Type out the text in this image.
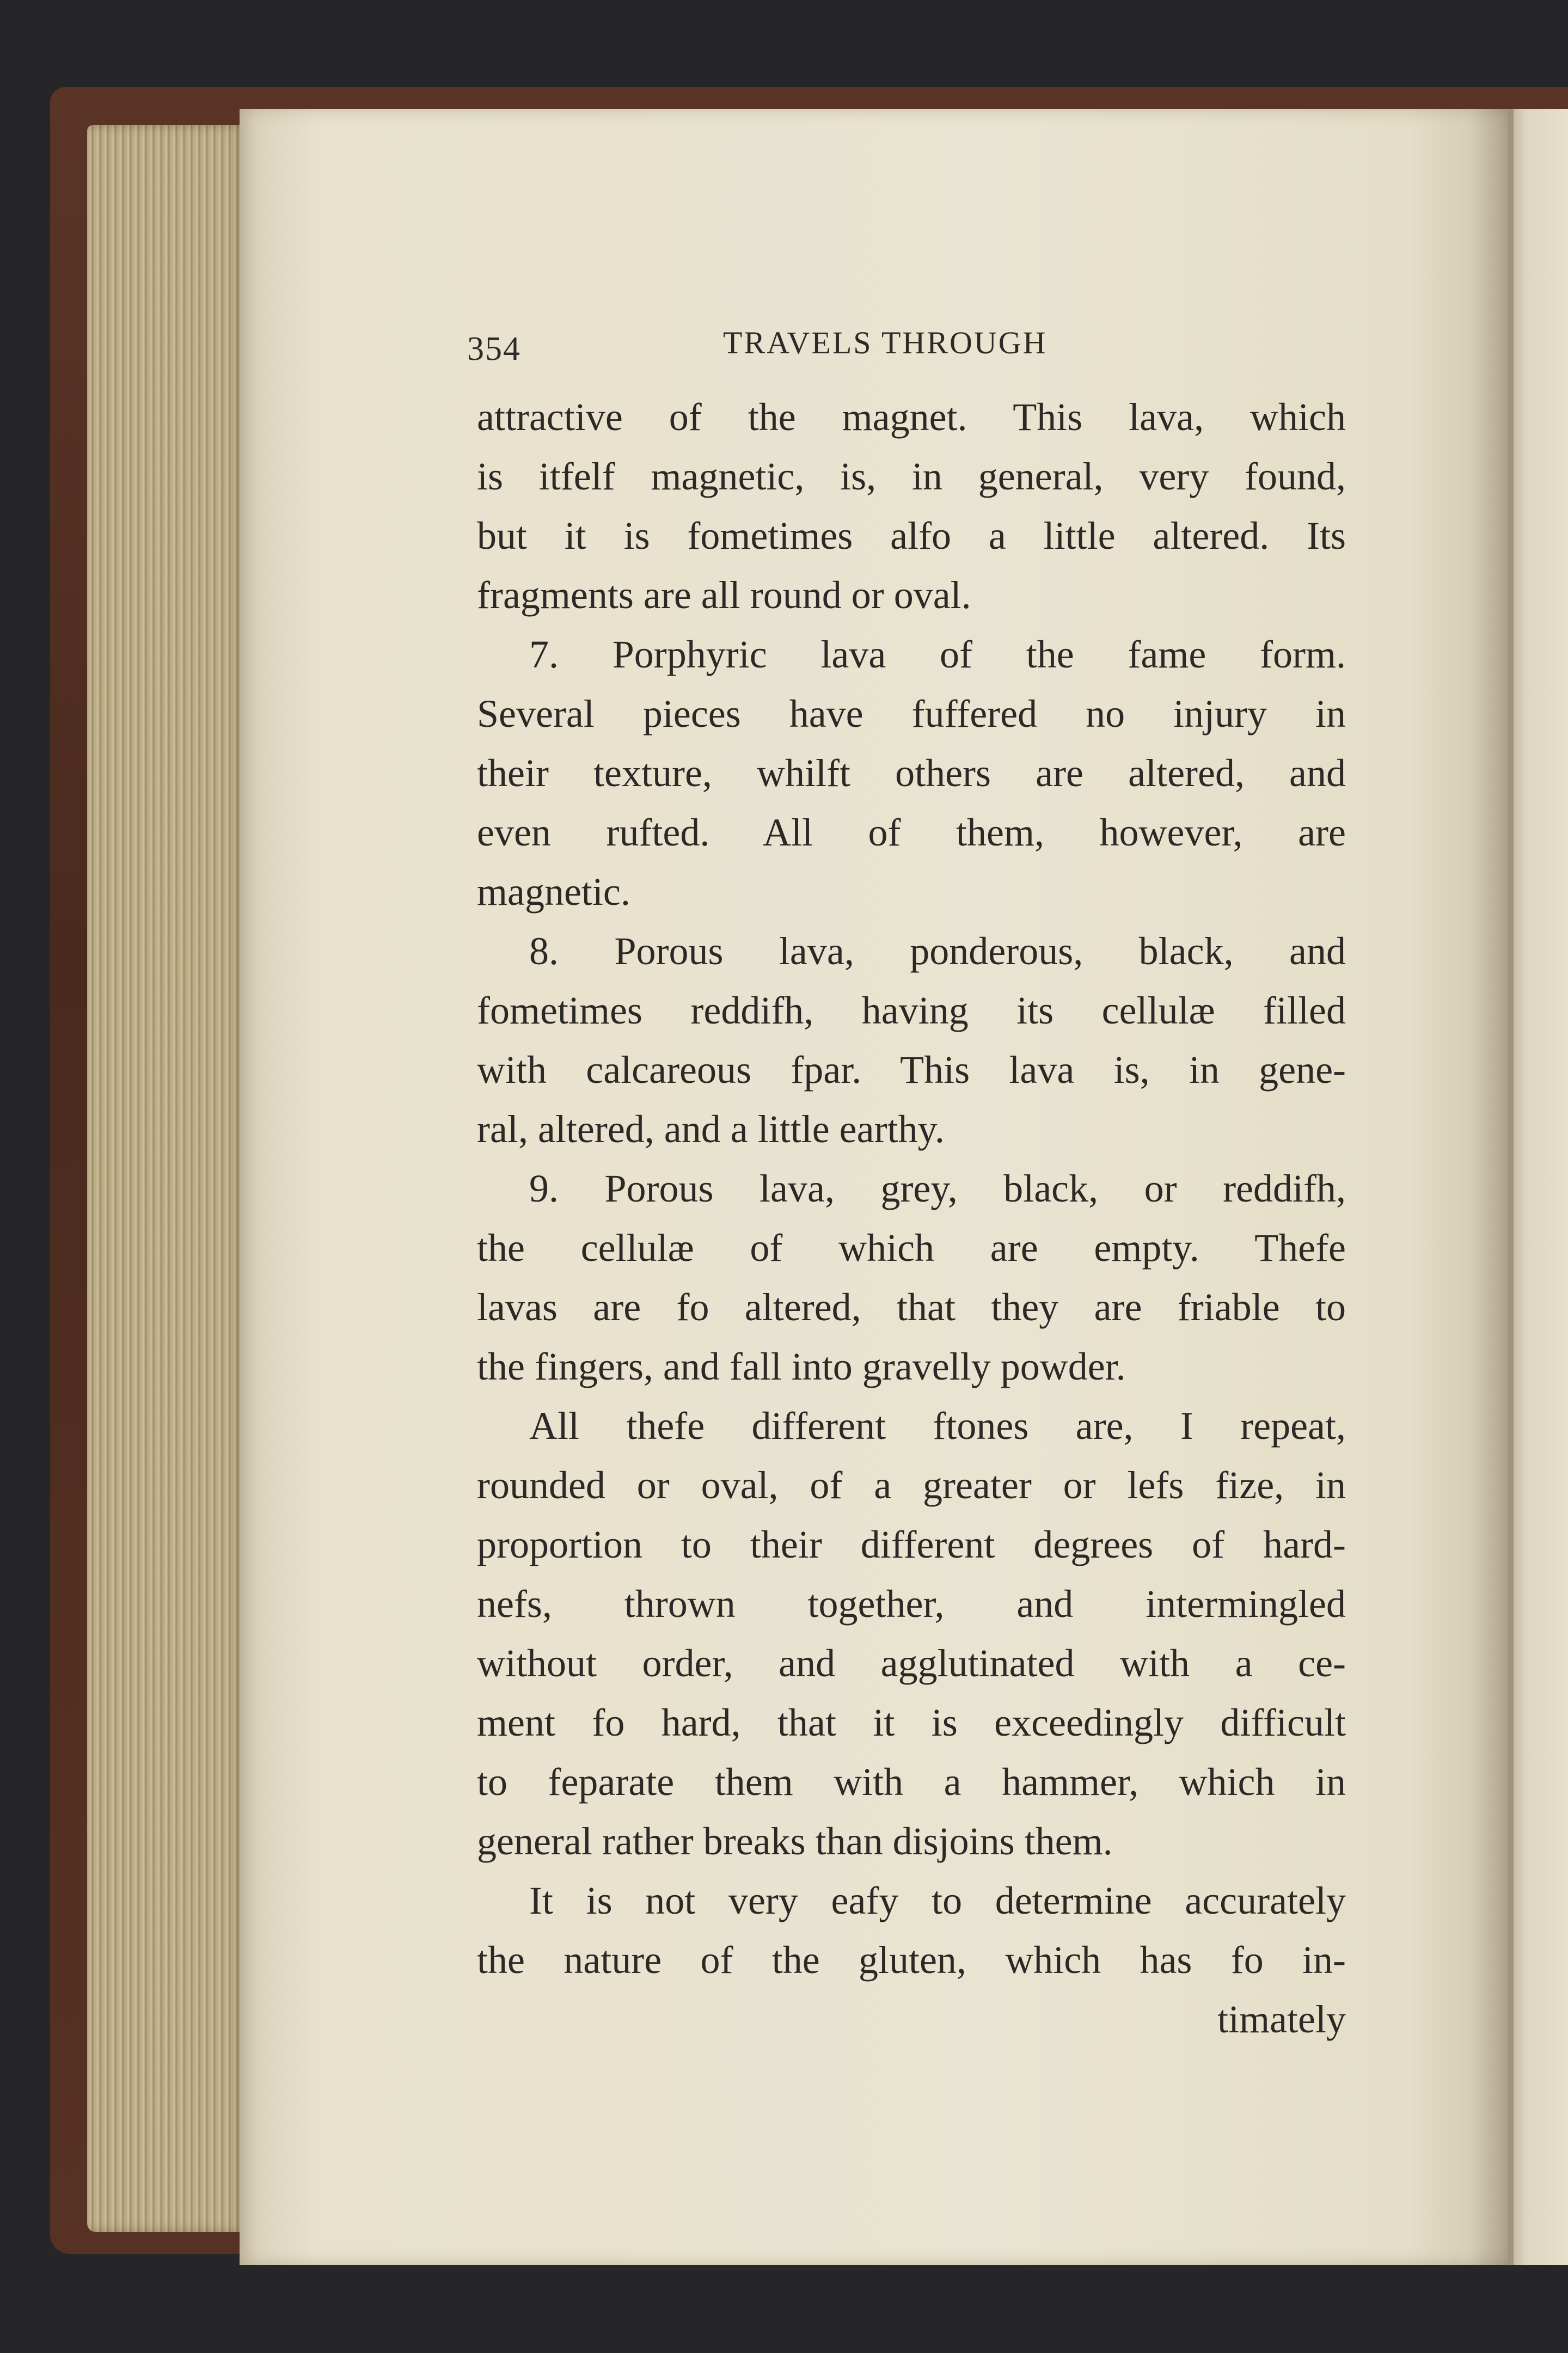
354	TRAVELS THROUGH
attractive of the magnet. This lava, which
is itfelf magnetic, is, in general, very found,
but it is fometimes alfo a little altered. Its
fragments are all round or oval.
7. Porphyric lava of the fame form.
Several pieces have fuffered no injury in
their texture, whilft others are altered, and
even rufted. All of them, however, are
magnetic.
8. Porous lava, ponderous, black, and
fometimes reddifh, having its cellulæ filled
with calcareous fpar. This lava is, in gene-
ral, altered, and a little earthy.
9. Porous lava, grey, black, or reddifh,
the cellulæ of which are empty. Thefe
lavas are fo altered, that they are friable to
the fingers, and fall into gravelly powder.
All thefe different ftones are, I repeat,
rounded or oval, of a greater or lefs fize, in
proportion to their different degrees of hard-
nefs, thrown together, and intermingled
without order, and agglutinated with a ce-
ment fo hard, that it is exceedingly difficult
to feparate them with a hammer, which in
general rather breaks than disjoins them.
It is not very eafy to determine accurately
the nature of the gluten, which has fo in-
timately
